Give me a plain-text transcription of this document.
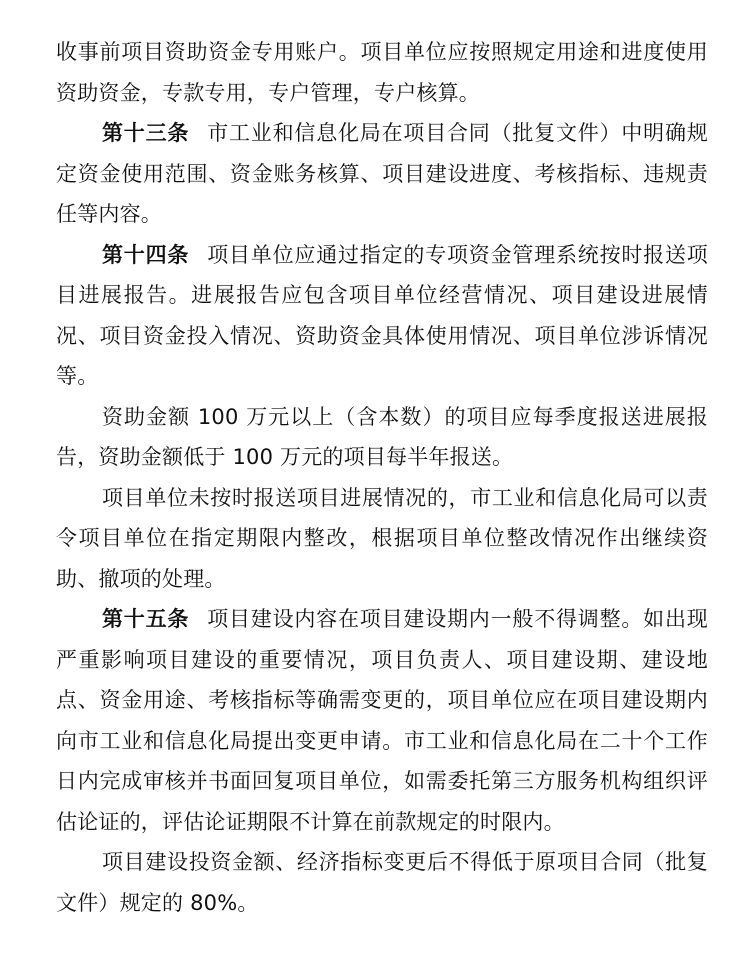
收事前项目资助资金专用账户。项目单位应按照规定用途和进度使用资助资金，专款专用，专户管理，专户核算。

第十三条 市工业和信息化局在项目合同（批复文件）中明确规定资金使用范围、资金账务核算、项目建设进度、考核指标、违规责任等内容。

第十四条 项目单位应通过指定的专项资金管理系统按时报送项目进展报告。进展报告应包含项目单位经营情况、项目建设进展情况、项目资金投入情况、资助资金具体使用情况、项目单位涉诉情况等。

资助金额 100 万元以上（含本数）的项目应每季度报送进展报告，资助金额低于 100 万元的项目每半年报送。

项目单位未按时报送项目进展情况的，市工业和信息化局可以责令项目单位在指定期限内整改，根据项目单位整改情况作出继续资助、撤项的处理。

第十五条 项目建设内容在项目建设期内一般不得调整。如出现严重影响项目建设的重要情况，项目负责人、项目建设期、建设地点、资金用途、考核指标等确需变更的，项目单位应在项目建设期内向市工业和信息化局提出变更申请。市工业和信息化局在二十个工作日内完成审核并书面回复项目单位，如需委托第三方服务机构组织评估论证的，评估论证期限不计算在前款规定的时限内。

项目建设投资金额、经济指标变更后不得低于原项目合同（批复文件）规定的 80%。
